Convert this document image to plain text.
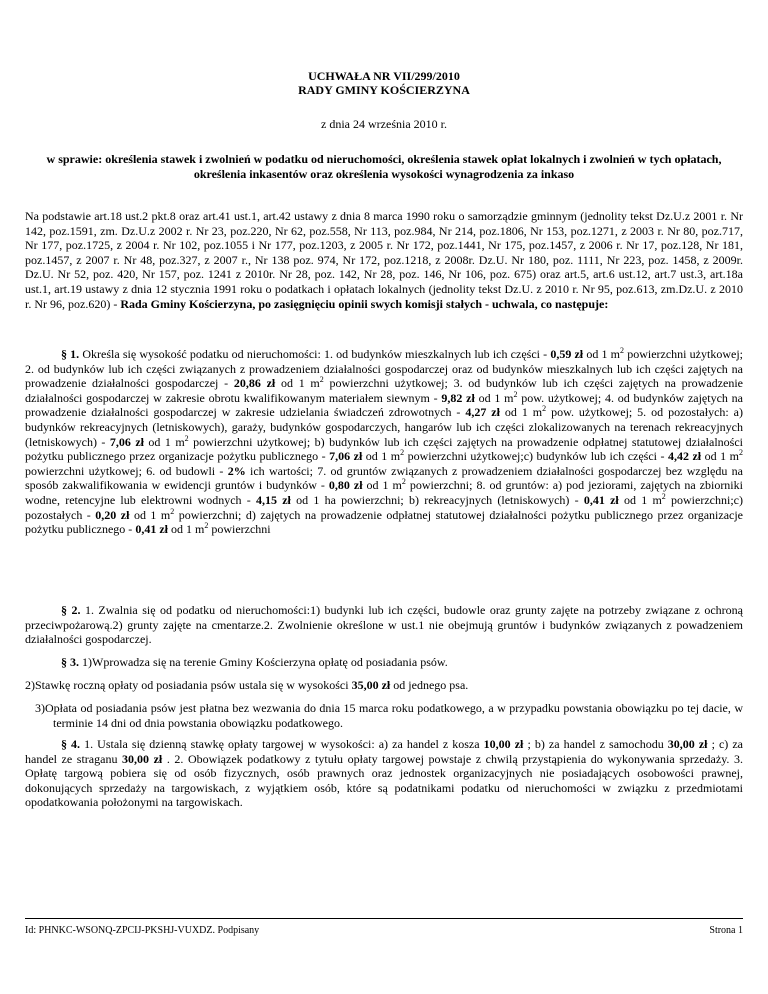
UCHWAŁA NR VII/299/2010
RADY GMINY KOŚCIERZYNA
z dnia 24 września 2010 r.
w sprawie: określenia stawek i zwolnień w podatku od nieruchomości, określenia stawek opłat lokalnych i zwolnień w tych opłatach, określenia inkasentów oraz określenia wysokości wynagrodzenia za inkaso

Na podstawie art.18 ust.2 pkt.8 oraz art.41 ust.1, art.42 ustawy z dnia 8 marca 1990 roku o samorządzie gminnym (jednolity tekst Dz.U.z 2001 r. Nr 142, poz.1591, zm. Dz.U.z 2002 r. Nr 23, poz.220, Nr 62, poz.558, Nr 113, poz.984, Nr 214, poz.1806, Nr 153, poz.1271, z 2003 r. Nr 80, poz.717, Nr 177, poz.1725, z 2004 r. Nr 102, poz.1055 i Nr 177, poz.1203, z 2005 r. Nr 172, poz.1441, Nr 175, poz.1457, z 2006 r. Nr 17, poz.128, Nr 181, poz.1457, z 2007 r. Nr 48, poz.327, z 2007 r., Nr 138 poz. 974, Nr 172, poz.1218, z 2008r. Dz.U. Nr 180, poz. 1111, Nr 223, poz. 1458, z 2009r. Dz.U. Nr 52, poz. 420, Nr 157, poz. 1241 z 2010r. Nr 28, poz. 142, Nr 28, poz. 146, Nr 106, poz. 675) oraz art.5, art.6 ust.12, art.7 ust.3, art.18a ust.1, art.19 ustawy z dnia 12 stycznia 1991 roku o podatkach i opłatach lokalnych (jednolity tekst Dz.U. z 2010 r. Nr 95, poz.613, zm.Dz.U. z 2010 r. Nr 96, poz.620) - Rada Gminy Kościerzyna, po zasięgnięciu opinii swych komisji stałych - uchwala, co następuje:

§ 1. Określa się wysokość podatku od nieruchomości: 1. od budynków mieszkalnych lub ich części - 0,59 zł od 1 $m^2$ powierzchni użytkowej; 2. od budynków lub ich części związanych z prowadzeniem działalności gospodarczej oraz od budynków mieszkalnych lub ich części zajętych na prowadzenie działalności gospodarczej - 20,86 zł od 1 $m^2$ powierzchni użytkowej; 3. od budynków lub ich części zajętych na prowadzenie działalności gospodarczej w zakresie obrotu kwalifikowanym materiałem siewnym - 9,82 zł od 1 $m^2$ pow. użytkowej; 4. od budynków zajętych na prowadzenie działalności gospodarczej w zakresie udzielania świadczeń zdrowotnych - 4,27 zł od 1 $m^2$ pow. użytkowej; 5. od pozostałych: a) budynków rekreacyjnych (letniskowych), garaży, budynków gospodarczych, hangarów lub ich części zlokalizowanych na terenach rekreacyjnych (letniskowych) - 7,06 zł od 1 $m^2$ powierzchni użytkowej; b) budynków lub ich części zajętych na prowadzenie odpłatnej statutowej działalności pożytku publicznego przez organizacje pożytku publicznego - 7,06 zł od 1 $m^2$ powierzchni użytkowej;c) budynków lub ich części - 4,42 zł od 1 $m^2$ powierzchni użytkowej; 6. od budowli - 2% ich wartości; 7. od gruntów związanych z prowadzeniem działalności gospodarczej bez względu na sposób zakwalifikowania w ewidencji gruntów i budynków - 0,80 zł od 1 $m^2$ powierzchni; 8. od gruntów: a) pod jeziorami, zajętych na zbiorniki wodne, retencyjne lub elektrowni wodnych - 4,15 zł od 1 ha powierzchni; b) rekreacyjnych (letniskowych) - 0,41 zł od 1 $m^2$ powierzchni;c) pozostałych - 0,20 zł od 1 $m^2$ powierzchni; d) zajętych na prowadzenie odpłatnej statutowej działalności pożytku publicznego przez organizacje pożytku publicznego - 0,41 zł od 1 $m^2$ powierzchni

§ 2. 1. Zwalnia się od podatku od nieruchomości:1) budynki lub ich części, budowle oraz grunty zajęte na potrzeby związane z ochroną przeciwpożarową.2) grunty zajęte na cmentarze.2. Zwolnienie określone w ust.1 nie obejmują gruntów i budynków związanych z powadzeniem działalności gospodarczej.

§ 3. 1)Wprowadza się na terenie Gminy Kościerzyna opłatę od posiadania psów.

2)Stawkę roczną opłaty od posiadania psów ustala się w wysokości 35,00 zł od jednego psa.

3)Opłata od posiadania psów jest płatna bez wezwania do dnia 15 marca roku podatkowego, a w przypadku powstania obowiązku po tej dacie, w terminie 14 dni od dnia powstania obowiązku podatkowego.

§ 4. 1. Ustala się dzienną stawkę opłaty targowej w wysokości: a) za handel z kosza 10,00 zł ; b) za handel z samochodu 30,00 zł ; c) za handel ze straganu 30,00 zł . 2. Obowiązek podatkowy z tytułu opłaty targowej powstaje z chwilą przystąpienia do wykonywania sprzedaży. 3. Opłatę targową pobiera się od osób fizycznych, osób prawnych oraz jednostek organizacyjnych nie posiadających osobowości prawnej, dokonujących sprzedaży na targowiskach, z wyjątkiem osób, które są podatnikami podatku od nieruchomości w związku z przedmiotami opodatkowania położonymi na targowiskach.

Id: PHNKC-WSONQ-ZPCIJ-PKSHJ-VUXDZ. Podpisany	Strona 1
